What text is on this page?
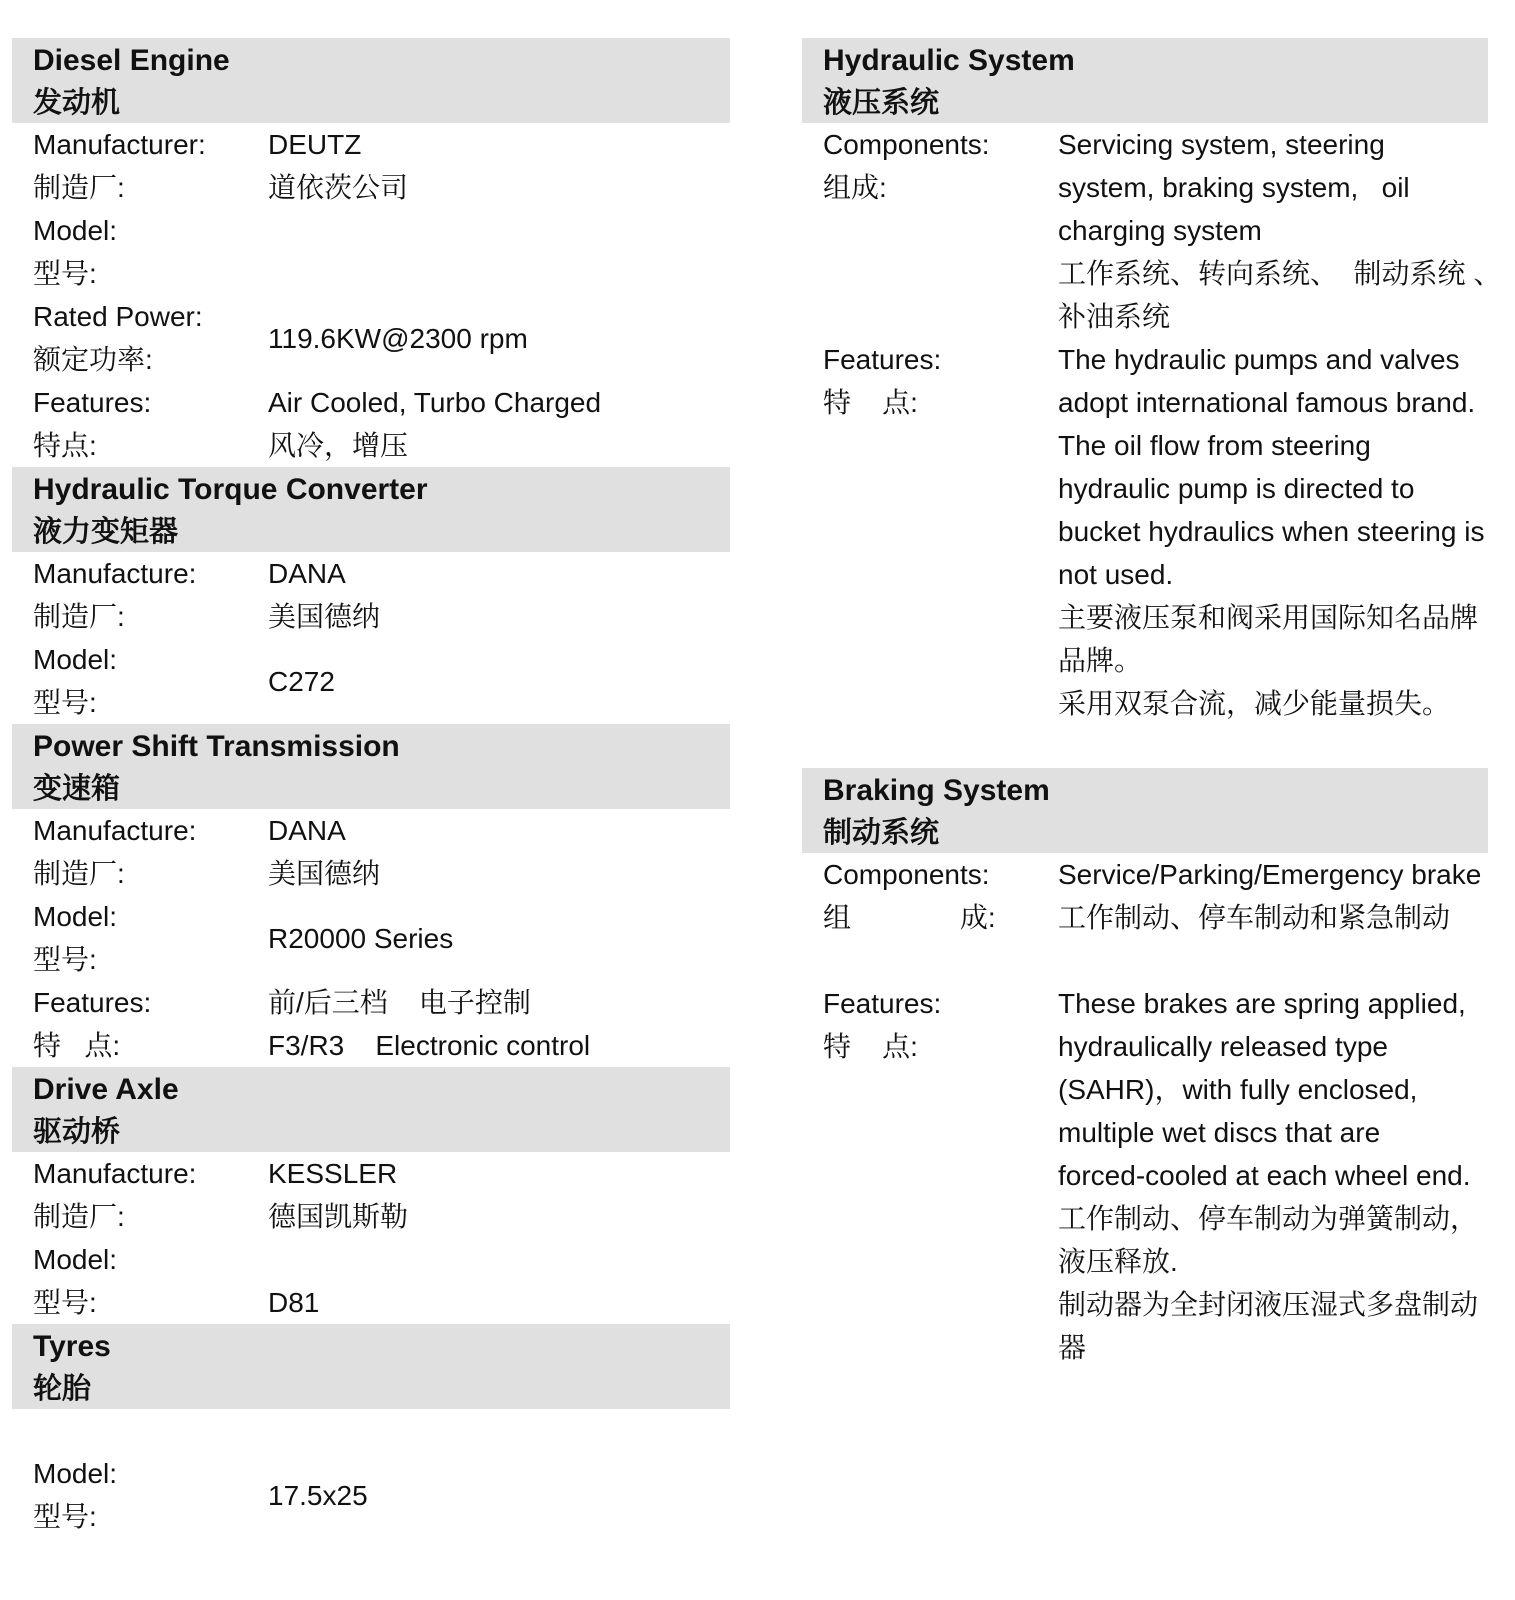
Diesel Engine
发动机
Manufacturer:
制造厂:
DEUTZ
道依茨公司
Model:
型号:
Rated Power:
额定功率:
119.6KW@2300 rpm
Features:
特点:
Air Cooled, Turbo Charged
风冷，增压
Hydraulic Torque Converter
液力变矩器
Manufacture:
制造厂:
DANA
美国德纳
Model:
型号:
C272
Power Shift Transmission
变速箱
Manufacture:
制造厂:
DANA
美国德纳
Model:
型号:
R20000 Series
Features:
特   点:
前/后三档    电子控制
F3/R3    Electronic control
Drive Axle
驱动桥
Manufacture:
制造厂:
KESSLER
德国凯斯勒
Model:
型号:	D81
Tyres
轮胎
Model:
型号:
17.5x25
Hydraulic System
液压系统
Components:
组成:
Servicing system, steering
system, braking system,   oil
charging system
工作系统、转向系统、  制动系统 、
补油系统
Features:
特    点:
The hydraulic pumps and valves
adopt international famous brand.
The oil flow from steering
hydraulic pump is directed to
bucket hydraulics when steering is
not used.
主要液压泵和阀采用国际知名品牌
品牌。
采用双泵合流，减少能量损失。
Braking System
制动系统
Components:
组              成:
Service/Parking/Emergency brake
工作制动、停车制动和紧急制动
Features:
特    点:
These brakes are spring applied,
hydraulically released type
(SAHR)，with fully enclosed,
multiple wet discs that are
forced-cooled at each wheel end.
工作制动、停车制动为弹簧制动，
液压释放.
制动器为全封闭液压湿式多盘制动
器
